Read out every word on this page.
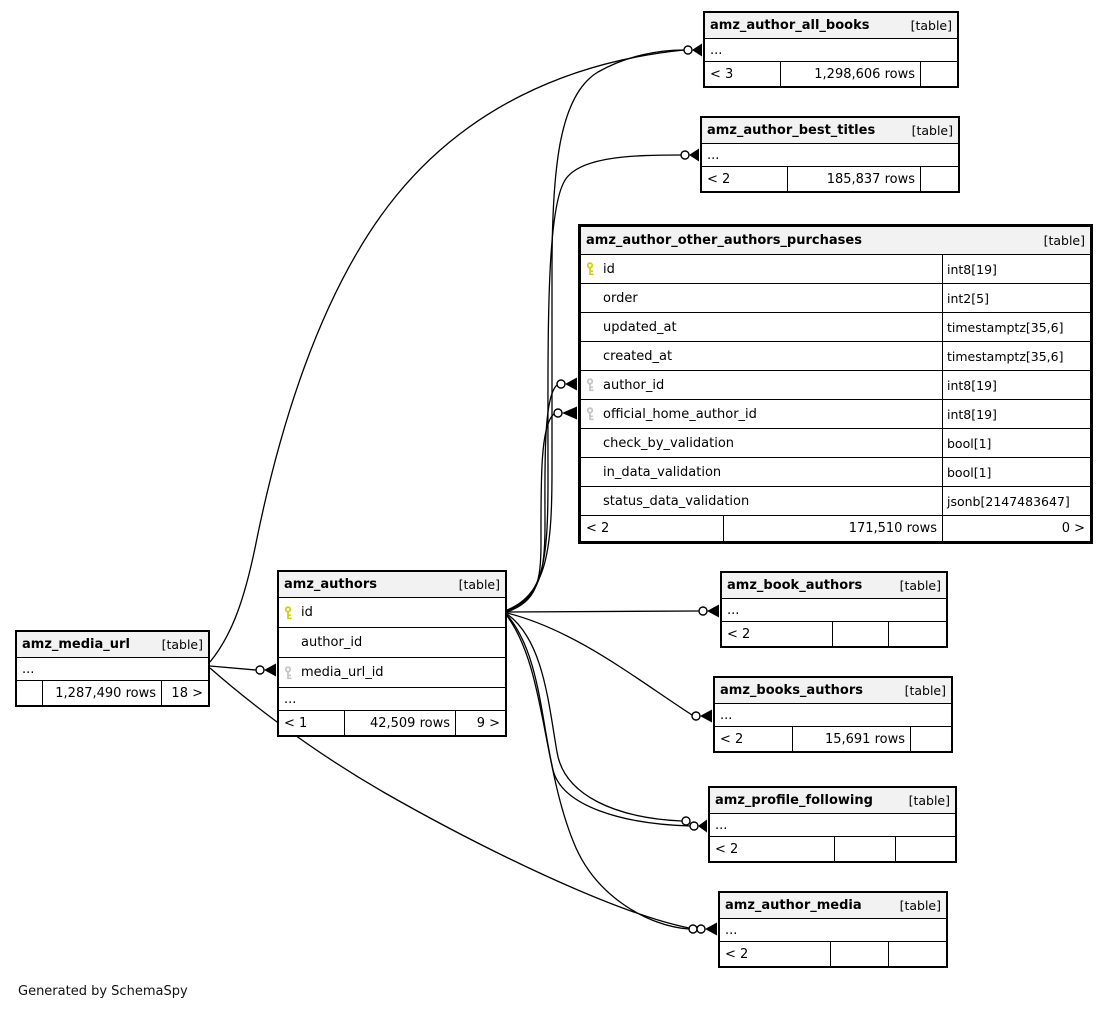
amz_author_all_books	[table]
...
< 3	1,298,606 rows
amz_author_best_titles	[table]
...
< 2	185,837 rows
amz_author_other_authors_purchases	[table]
id	int8[19]
order	int2[5]
updated_at	timestamptz[35,6]
created_at	timestamptz[35,6]
author_id	int8[19]
official_home_author_id	int8[19]
check_by_validation	bool[1]
in_data_validation	bool[1]
status_data_validation	jsonb[2147483647]
< 2	171,510 rows	0 >
amz_authors	[table]
id
author_id
media_url_id
...
< 1	42,509 rows	9 >
amz_media_url	[table]
...
1,287,490 rows	18 >
amz_book_authors	[table]
...
< 2
amz_books_authors	[table]
...
< 2	15,691 rows
amz_profile_following	[table]
...
< 2
amz_author_media	[table]
...
< 2
Generated by SchemaSpy
